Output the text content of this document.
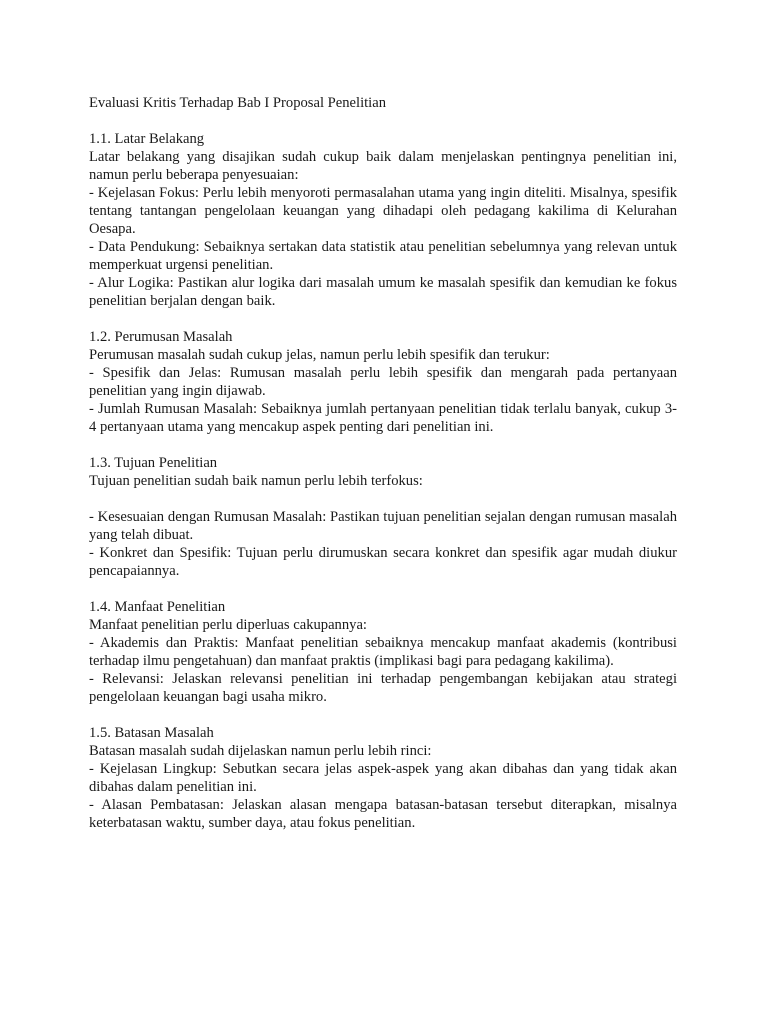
Evaluasi Kritis Terhadap Bab I Proposal Penelitian

1.1. Latar Belakang

Latar belakang yang disajikan sudah cukup baik dalam menjelaskan pentingnya penelitian ini, namun perlu beberapa penyesuaian:

- Kejelasan Fokus: Perlu lebih menyoroti permasalahan utama yang ingin diteliti. Misalnya, spesifik tentang tantangan pengelolaan keuangan yang dihadapi oleh pedagang kakilima di Kelurahan Oesapa.

- Data Pendukung: Sebaiknya sertakan data statistik atau penelitian sebelumnya yang relevan untuk memperkuat urgensi penelitian.

- Alur Logika: Pastikan alur logika dari masalah umum ke masalah spesifik dan kemudian ke fokus penelitian berjalan dengan baik.

1.2. Perumusan Masalah

Perumusan masalah sudah cukup jelas, namun perlu lebih spesifik dan terukur:

- Spesifik dan Jelas: Rumusan masalah perlu lebih spesifik dan mengarah pada pertanyaan penelitian yang ingin dijawab.

- Jumlah Rumusan Masalah: Sebaiknya jumlah pertanyaan penelitian tidak terlalu banyak, cukup 3-4 pertanyaan utama yang mencakup aspek penting dari penelitian ini.

1.3. Tujuan Penelitian

Tujuan penelitian sudah baik namun perlu lebih terfokus:

- Kesesuaian dengan Rumusan Masalah: Pastikan tujuan penelitian sejalan dengan rumusan masalah yang telah dibuat.

- Konkret dan Spesifik: Tujuan perlu dirumuskan secara konkret dan spesifik agar mudah diukur pencapaiannya.

1.4. Manfaat Penelitian

Manfaat penelitian perlu diperluas cakupannya:

- Akademis dan Praktis: Manfaat penelitian sebaiknya mencakup manfaat akademis (kontribusi terhadap ilmu pengetahuan) dan manfaat praktis (implikasi bagi para pedagang kakilima).

- Relevansi: Jelaskan relevansi penelitian ini terhadap pengembangan kebijakan atau strategi pengelolaan keuangan bagi usaha mikro.

1.5. Batasan Masalah

Batasan masalah sudah dijelaskan namun perlu lebih rinci:

- Kejelasan Lingkup: Sebutkan secara jelas aspek-aspek yang akan dibahas dan yang tidak akan dibahas dalam penelitian ini.

- Alasan Pembatasan: Jelaskan alasan mengapa batasan-batasan tersebut diterapkan, misalnya keterbatasan waktu, sumber daya, atau fokus penelitian.
